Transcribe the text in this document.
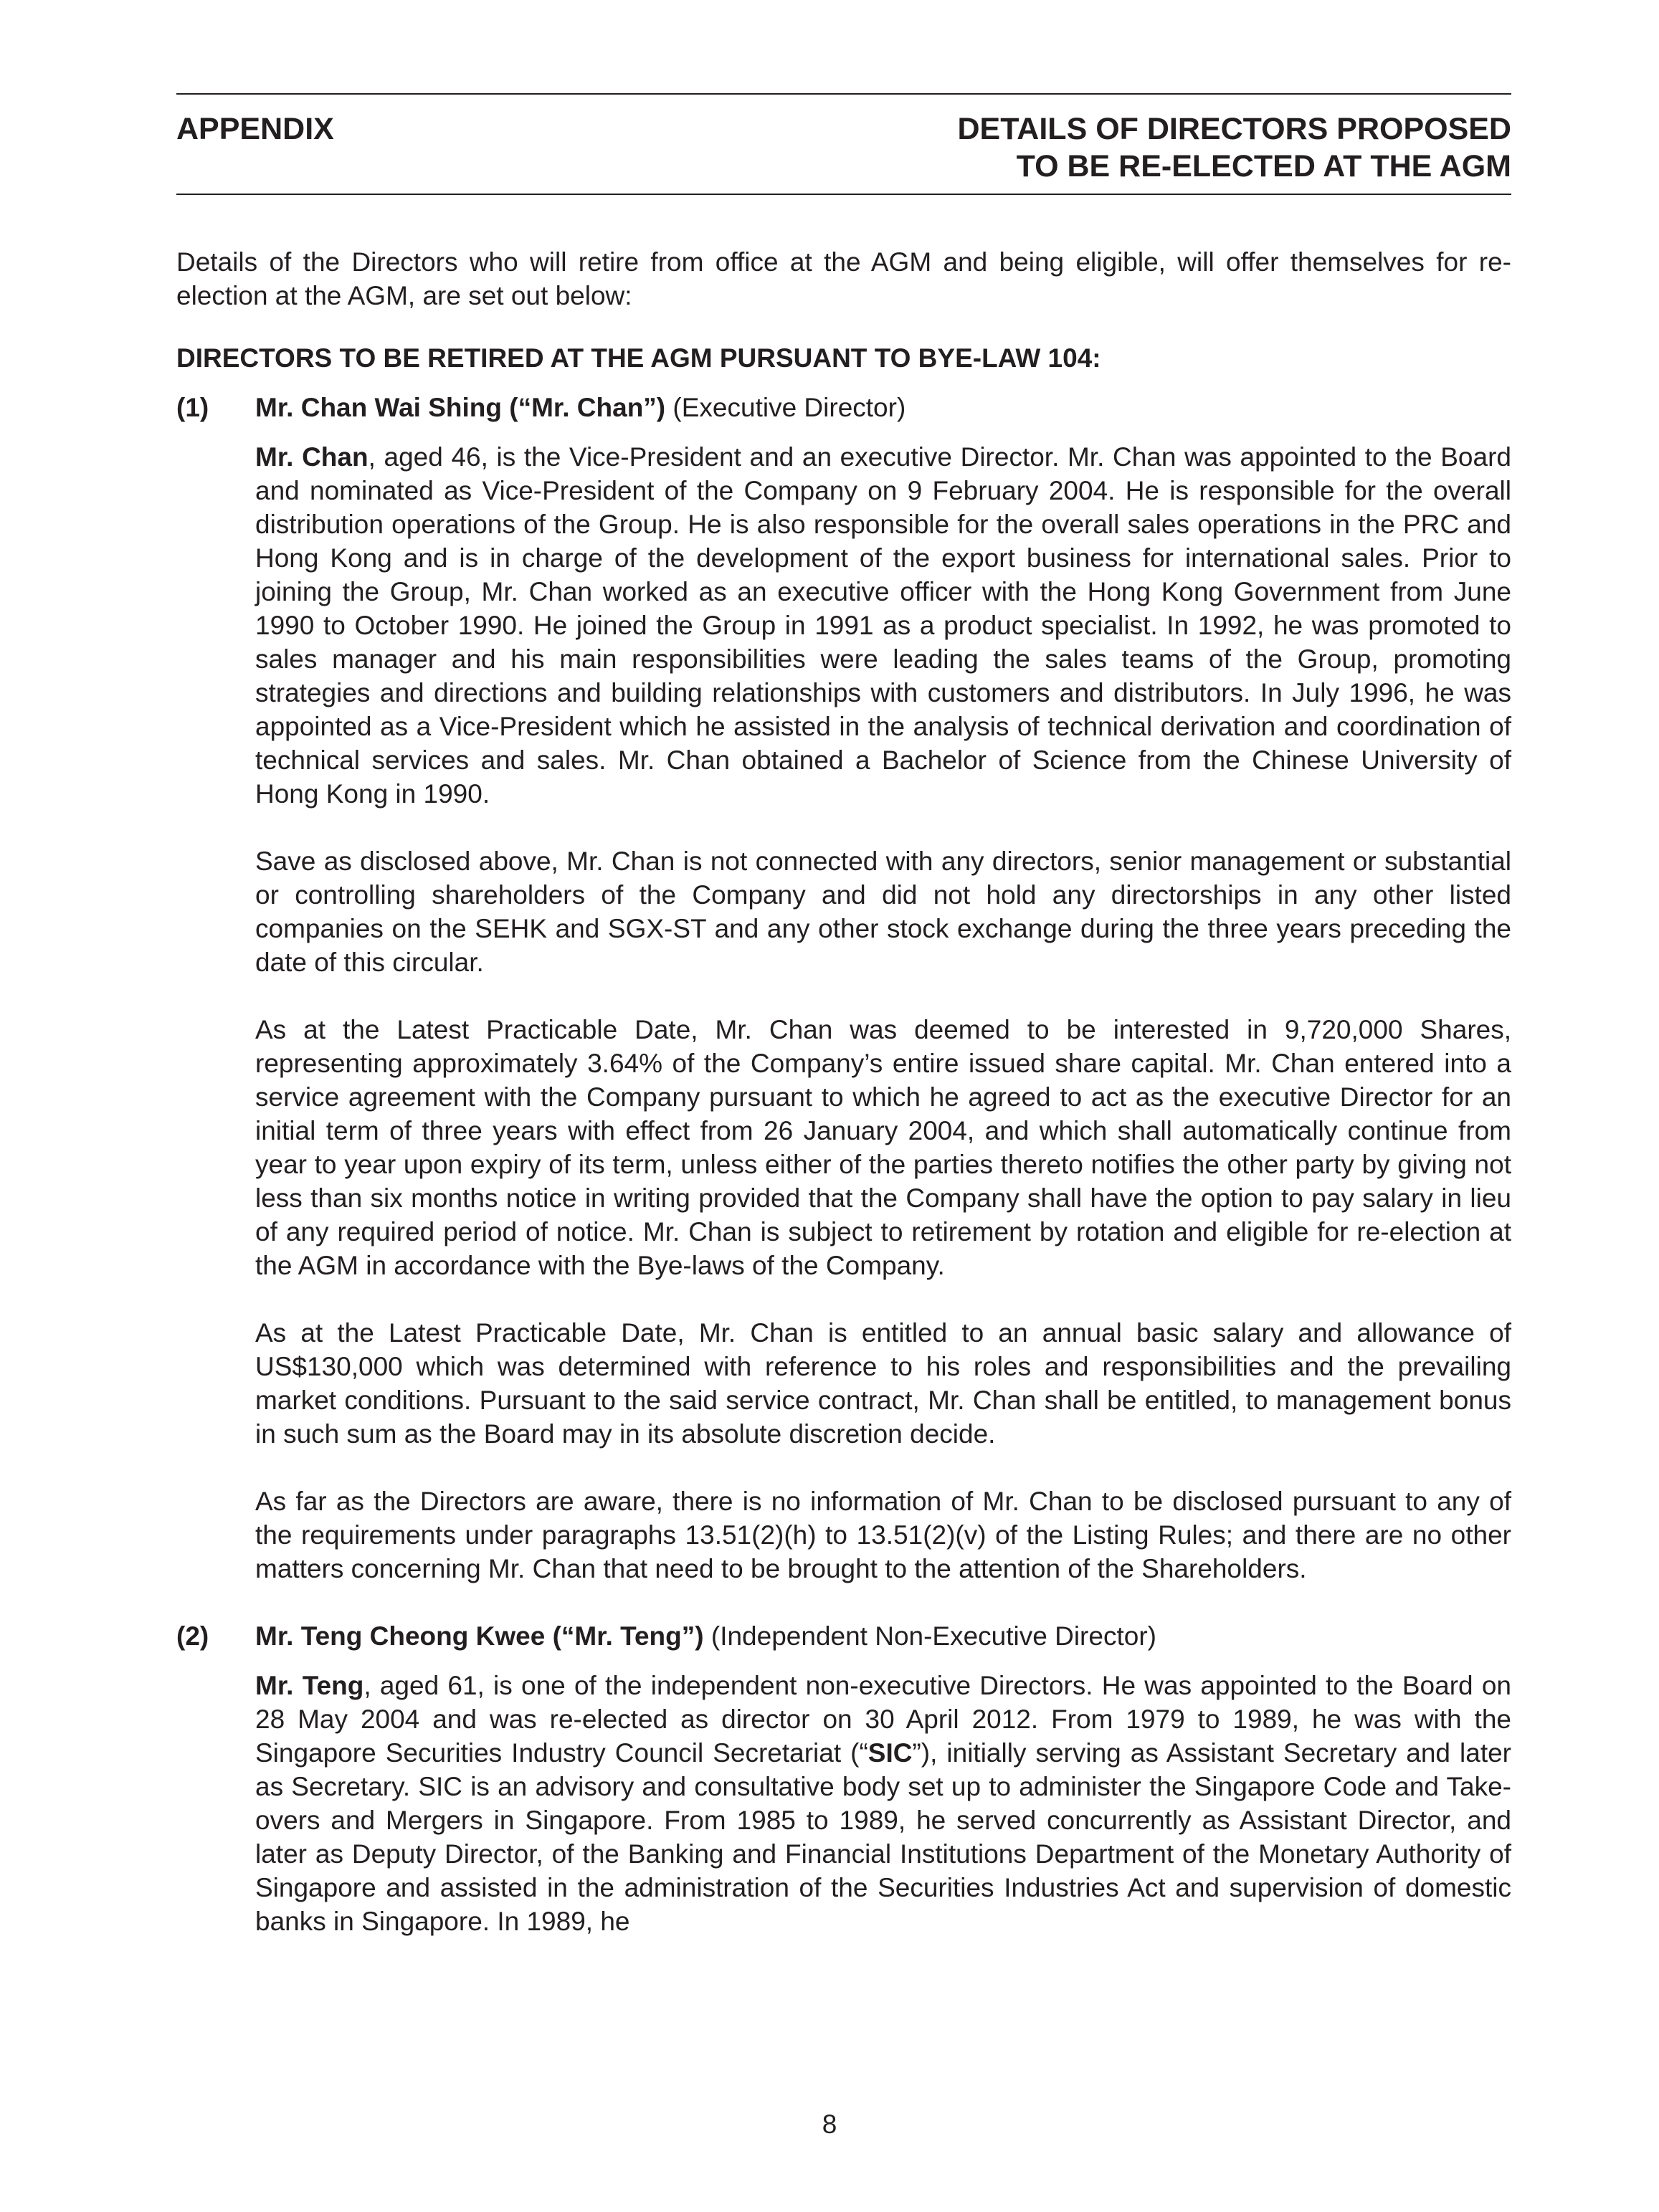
APPENDIX	DETAILS OF DIRECTORS PROPOSED
TO BE RE-ELECTED AT THE AGM

Details of the Directors who will retire from office at the AGM and being eligible, will offer themselves for re-election at the AGM, are set out below:

DIRECTORS TO BE RETIRED AT THE AGM PURSUANT TO BYE-LAW 104:
(1)	Mr. Chan Wai Shing (“Mr. Chan”) (Executive Director)

Mr. Chan, aged 46, is the Vice-President and an executive Director. Mr. Chan was appointed to the Board and nominated as Vice-President of the Company on 9 February 2004. He is responsible for the overall distribution operations of the Group. He is also responsible for the overall sales operations in the PRC and Hong Kong and is in charge of the development of the export business for international sales. Prior to joining the Group, Mr. Chan worked as an executive officer with the Hong Kong Government from June 1990 to October 1990. He joined the Group in 1991 as a product specialist. In 1992, he was promoted to sales manager and his main responsibilities were leading the sales teams of the Group, promoting strategies and directions and building relationships with customers and distributors. In July 1996, he was appointed as a Vice-President which he assisted in the analysis of technical derivation and coordination of technical services and sales. Mr. Chan obtained a Bachelor of Science from the Chinese University of Hong Kong in 1990.

Save as disclosed above, Mr. Chan is not connected with any directors, senior management or substantial or controlling shareholders of the Company and did not hold any directorships in any other listed companies on the SEHK and SGX-ST and any other stock exchange during the three years preceding the date of this circular.

As at the Latest Practicable Date, Mr. Chan was deemed to be interested in 9,720,000 Shares, representing approximately 3.64% of the Company’s entire issued share capital. Mr. Chan entered into a service agreement with the Company pursuant to which he agreed to act as the executive Director for an initial term of three years with effect from 26 January 2004, and which shall automatically continue from year to year upon expiry of its term, unless either of the parties thereto notifies the other party by giving not less than six months notice in writing provided that the Company shall have the option to pay salary in lieu of any required period of notice. Mr. Chan is subject to retirement by rotation and eligible for re-election at the AGM in accordance with the Bye-laws of the Company.

As at the Latest Practicable Date, Mr. Chan is entitled to an annual basic salary and allowance of US$130,000 which was determined with reference to his roles and responsibilities and the prevailing market conditions. Pursuant to the said service contract, Mr. Chan shall be entitled, to management bonus in such sum as the Board may in its absolute discretion decide.

As far as the Directors are aware, there is no information of Mr. Chan to be disclosed pursuant to any of the requirements under paragraphs 13.51(2)(h) to 13.51(2)(v) of the Listing Rules; and there are no other matters concerning Mr. Chan that need to be brought to the attention of the Shareholders.

(2)	Mr. Teng Cheong Kwee (“Mr. Teng”) (Independent Non-Executive Director)

Mr. Teng, aged 61, is one of the independent non-executive Directors. He was appointed to the Board on 28 May 2004 and was re-elected as director on 30 April 2012. From 1979 to 1989, he was with the Singapore Securities Industry Council Secretariat (“SIC”), initially serving as Assistant Secretary and later as Secretary. SIC is an advisory and consultative body set up to administer the Singapore Code and Take-overs and Mergers in Singapore. From 1985 to 1989, he served concurrently as Assistant Director, and later as Deputy Director, of the Banking and Financial Institutions Department of the Monetary Authority of Singapore and assisted in the administration of the Securities Industries Act and supervision of domestic banks in Singapore. In 1989, he

8
